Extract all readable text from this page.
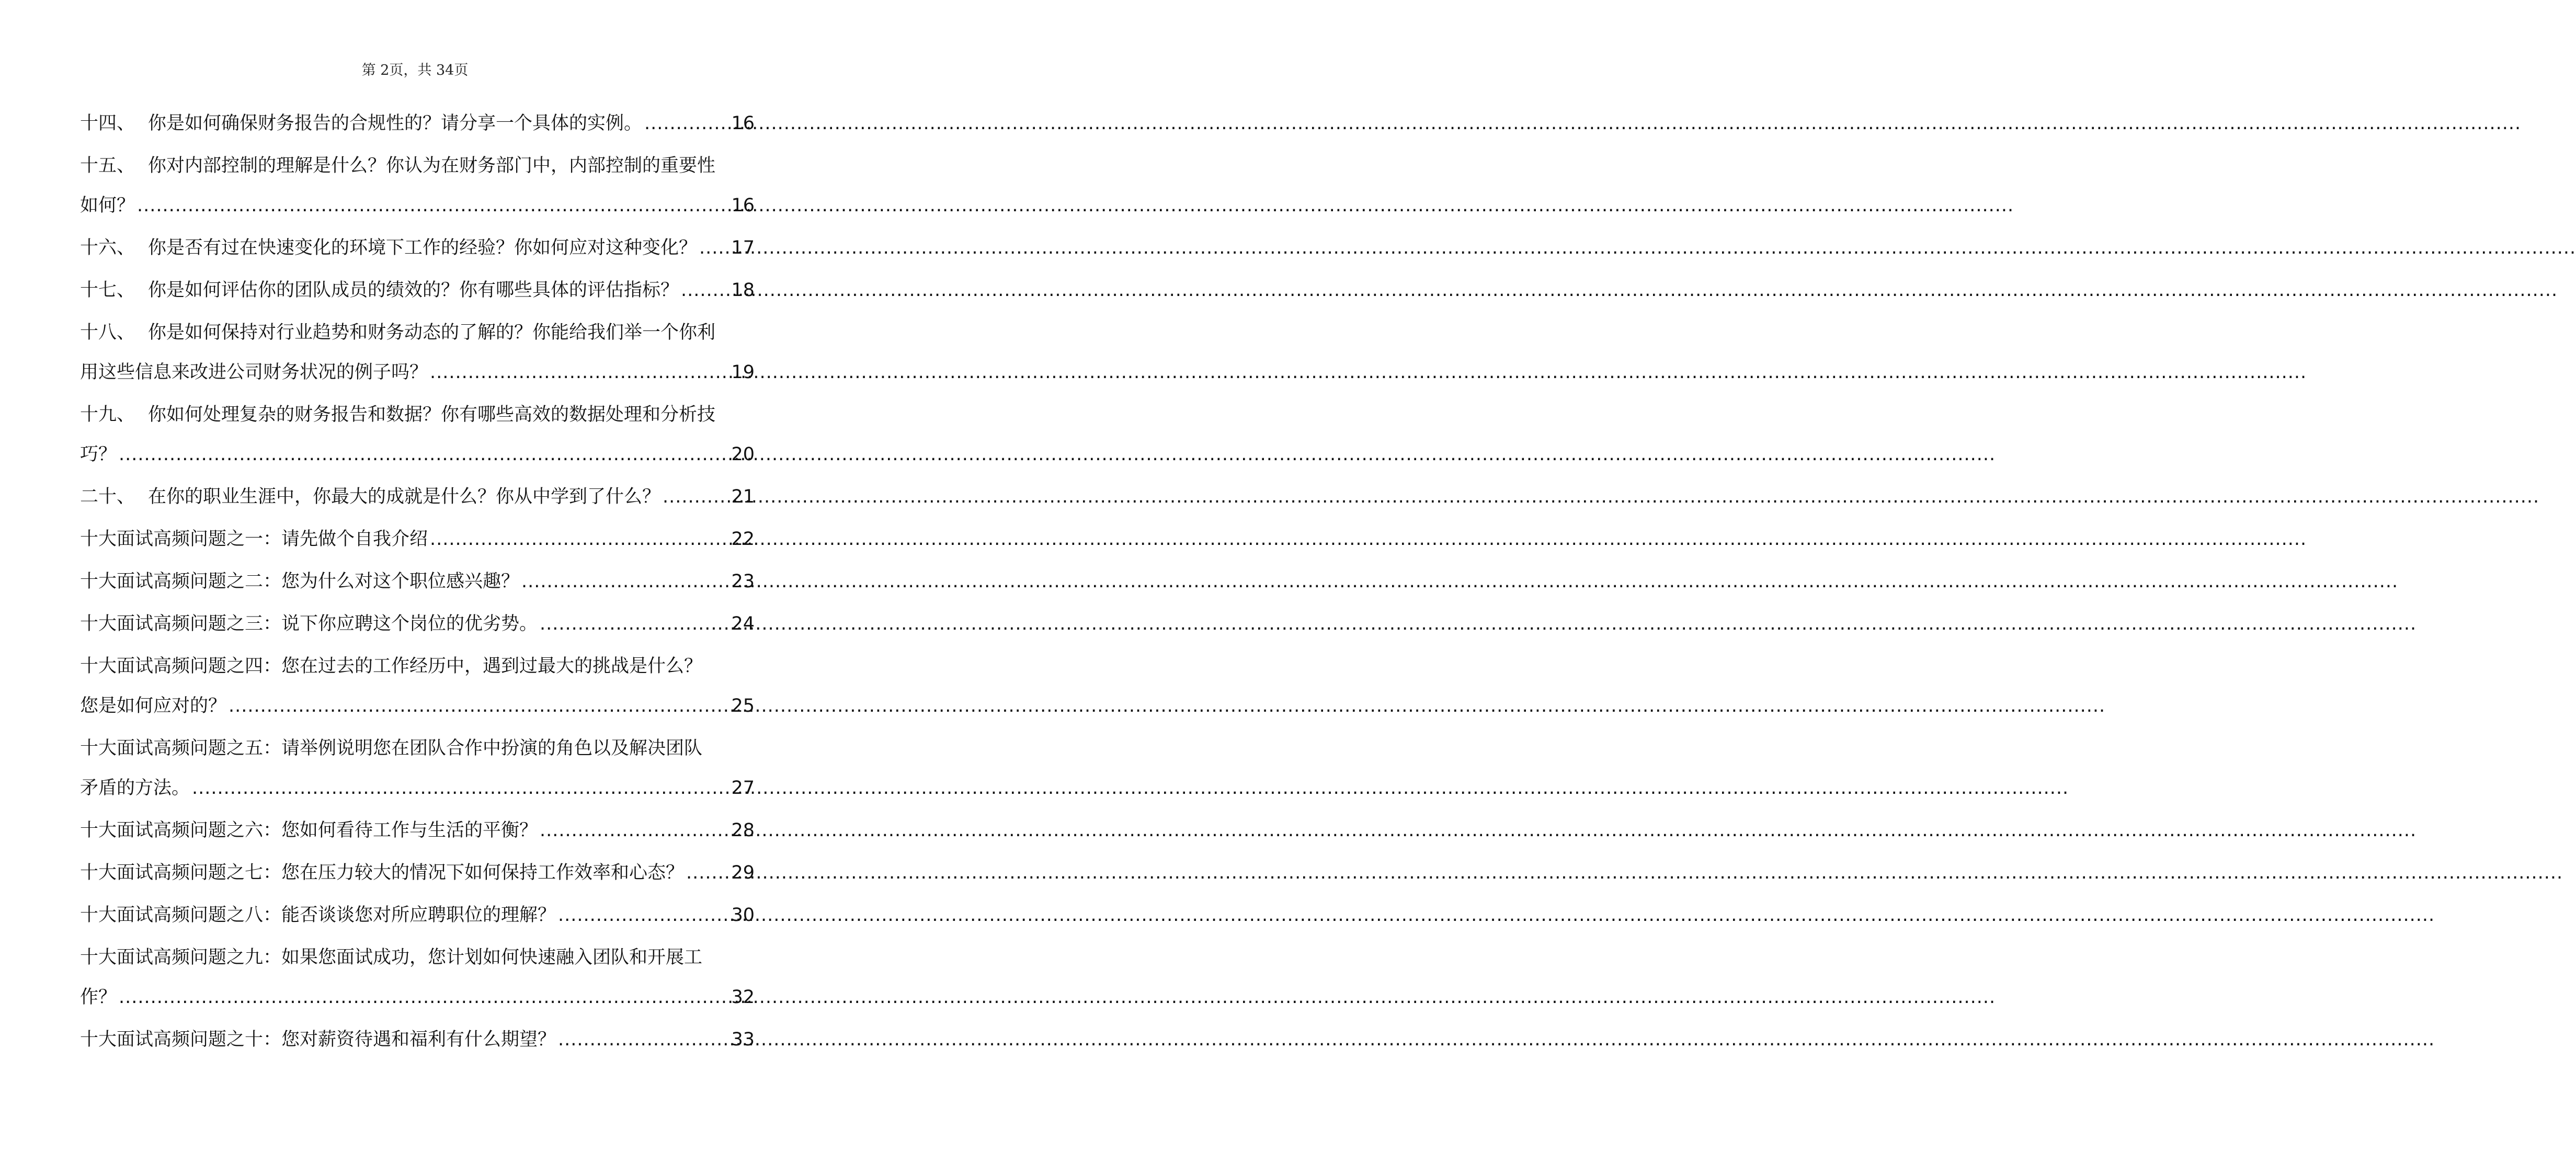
第 2页，共 34页
十四、 你是如何确保财务报告的合规性的？请分享一个具体的实例。 .....	16
十五、 你对内部控制的理解是什么？你认为在财务部门中，内部控制的重要性
如何？ .....	16
十六、 你是否有过在快速变化的环境下工作的经验？你如何应对这种变化？ ..... 17
十七、 你是如何评估你的团队成员的绩效的？你有哪些具体的评估指标？ .....	18
十八、 你是如何保持对行业趋势和财务动态的了解的？你能给我们举一个你利
用这些信息来改进公司财务状况的例子吗？ .....	19
十九、 你如何处理复杂的财务报告和数据？你有哪些高效的数据处理和分析技
巧？ .....	20
二十、 在你的职业生涯中，你最大的成就是什么？你从中学到了什么？ .....	21
十大面试高频问题之一：请先做个自我介绍 .....	22
十大面试高频问题之二：您为什么对这个职位感兴趣？ .....	23
十大面试高频问题之三：说下你应聘这个岗位的优劣势。 .....	24
十大面试高频问题之四：您在过去的工作经历中，遇到过最大的挑战是什么？
您是如何应对的？ .....	25
十大面试高频问题之五：请举例说明您在团队合作中扮演的角色以及解决团队
矛盾的方法。 .....	27
十大面试高频问题之六：您如何看待工作与生活的平衡？ .....	28
十大面试高频问题之七：您在压力较大的情况下如何保持工作效率和心态？ .....	29
十大面试高频问题之八：能否谈谈您对所应聘职位的理解？ .....	30
十大面试高频问题之九：如果您面试成功，您计划如何快速融入团队和开展工
作？ .....	32
十大面试高频问题之十：您对薪资待遇和福利有什么期望？ .....	33
